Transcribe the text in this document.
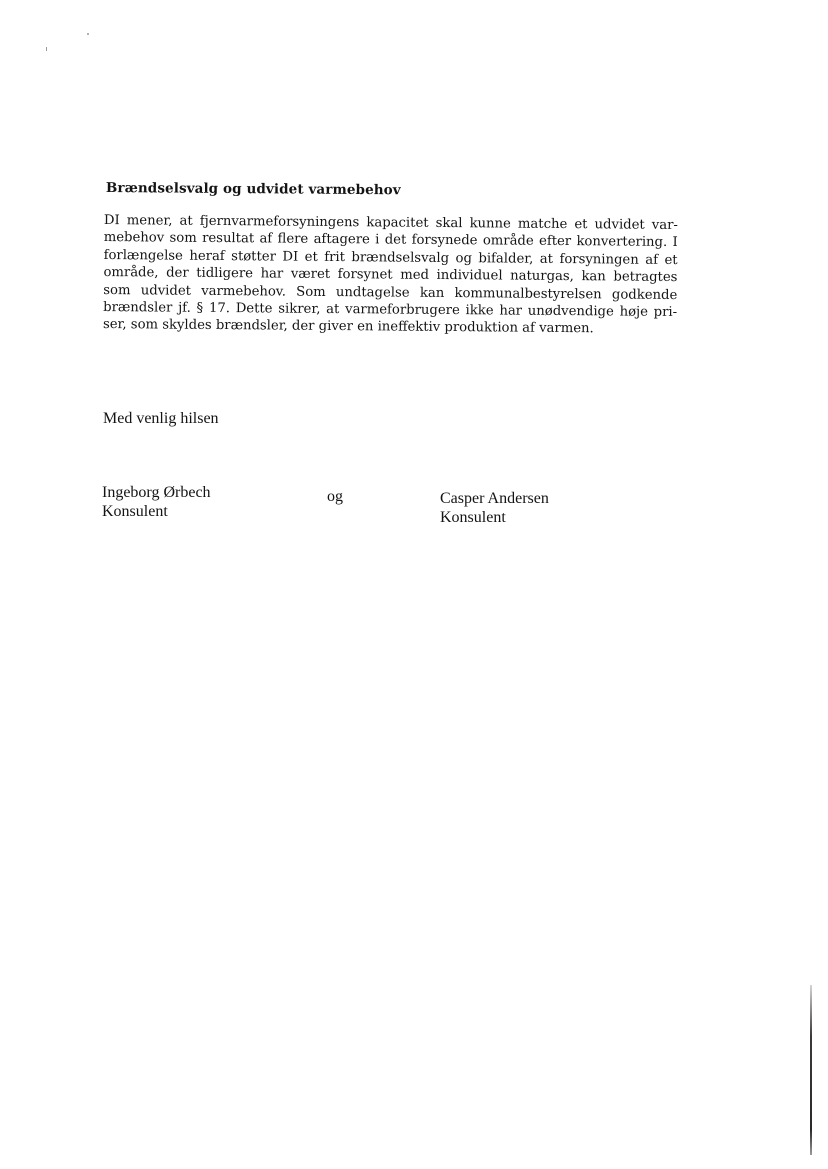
Brændselsvalg og udvidet varmebehov

DI mener, at fjernvarmeforsyningens kapacitet skal kunne matche et udvidet var-
mebehov som resultat af flere aftagere i det forsynede område efter konvertering. I
forlængelse heraf støtter DI et frit brændselsvalg og bifalder, at forsyningen af et
område, der tidligere har været forsynet med individuel naturgas, kan betragtes
som udvidet varmebehov. Som undtagelse kan kommunalbestyrelsen godkende
brændsler jf. § 17. Dette sikrer, at varmeforbrugere ikke har unødvendige høje pri-
ser, som skyldes brændsler, der giver en ineffektiv produktion af varmen.

Med venlig hilsen

Ingeborg Ørbech
Konsulent
og	Casper Andersen
Konsulent
